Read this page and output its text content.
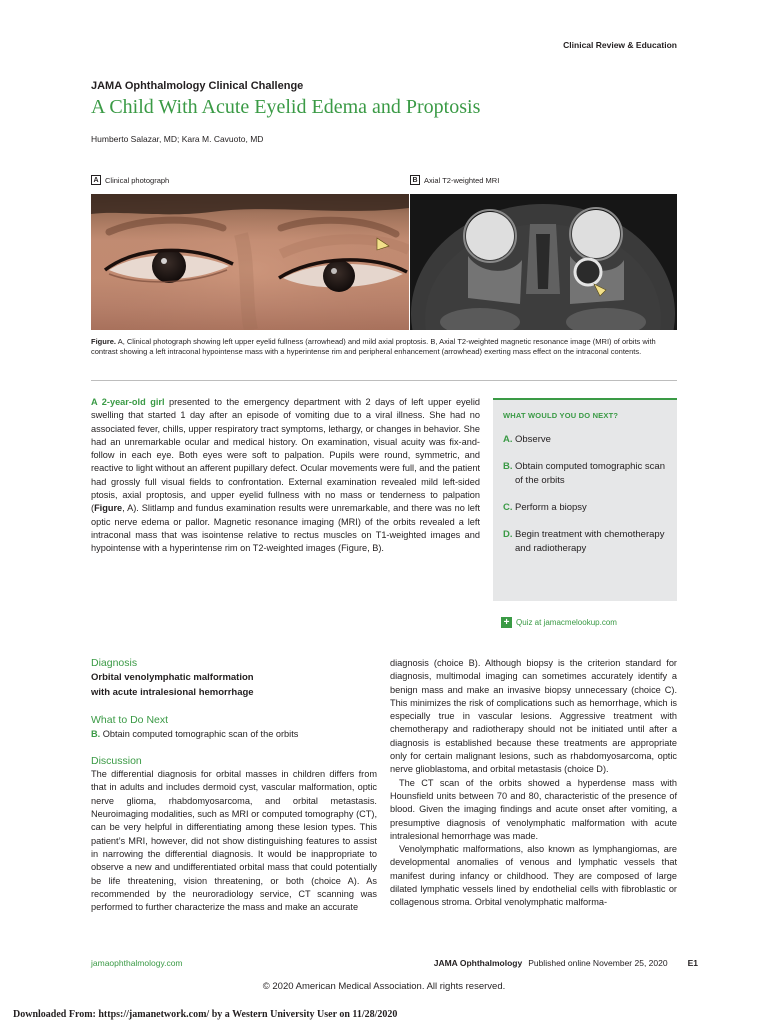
Clinical Review & Education
JAMA Ophthalmology Clinical Challenge
A Child With Acute Eyelid Edema and Proptosis
Humberto Salazar, MD; Kara M. Cavuoto, MD
A Clinical photograph	B Axial T2-weighted MRI

Figure. A, Clinical photograph showing left upper eyelid fullness (arrowhead) and mild axial proptosis. B, Axial T2-weighted magnetic resonance image (MRI) of orbits with contrast showing a left intraconal hypointense mass with a hyperintense rim and peripheral enhancement (arrowhead) exerting mass effect on the intraconal contents.

A 2-year-old girl presented to the emergency department with 2 days of left upper eyelid swelling that started 1 day after an episode of vomiting due to a viral illness. She had no associated fever, chills, upper respiratory tract symptoms, lethargy, or changes in behavior. She had an unremarkable ocular and medical history. On examination, visual acuity was fix-and-follow in each eye. Both eyes were soft to palpation. Pupils were round, symmetric, and reactive to light without an afferent pupillary defect. Ocular movements were full, and the patient had grossly full visual fields to confrontation. External examination revealed mild left-sided ptosis, axial proptosis, and upper eyelid fullness with no mass or tenderness to palpation (Figure, A). Slitlamp and fundus examination results were unremarkable, and there was no left optic nerve edema or pallor. Magnetic resonance imaging (MRI) of the orbits revealed a left intraconal mass that was isointense relative to rectus muscles on T1-weighted images and hypointense with a hyperintense rim on T2-weighted images (Figure, B).

WHAT WOULD YOU DO NEXT?
A. Observe
B. Obtain computed tomographic scan of the orbits
C. Perform a biopsy
D. Begin treatment with chemotherapy and radiotherapy
+ Quiz at jamacmelookup.com
Diagnosis
Orbital venolymphatic malformation
with acute intralesional hemorrhage
What to Do Next
B. Obtain computed tomographic scan of the orbits
Discussion

The differential diagnosis for orbital masses in children differs from that in adults and includes dermoid cyst, vascular malformation, optic nerve glioma, rhabdomyosarcoma, and orbital metastasis. Neuroimaging modalities, such as MRI or computed tomography (CT), can be very helpful in differentiating among these lesion types. This patient’s MRI, however, did not show distinguishing features to assist in narrowing the differential diagnosis. It would be inappropriate to observe a new and undifferentiated orbital mass that could potentially be life threatening, vision threatening, or both (choice A). As recommended by the neuroradiology service, CT scanning was performed to further characterize the mass and make an accurate

diagnosis (choice B). Although biopsy is the criterion standard for diagnosis, multimodal imaging can sometimes accurately identify a benign mass and make an invasive biopsy unnecessary (choice C). This minimizes the risk of complications such as hemorrhage, which is especially true in vascular lesions. Aggressive treatment with chemotherapy and radiotherapy should not be initiated until after a diagnosis is established because these treatments are appropriate only for certain malignant lesions, such as rhabdomyosarcoma, optic nerve glioblastoma, and orbital metastasis (choice D).

The CT scan of the orbits showed a hyperdense mass with Hounsfield units between 70 and 80, characteristic of the presence of blood. Given the imaging findings and acute onset after vomiting, a presumptive diagnosis of venolymphatic malformation with acute intralesional hemorrhage was made.

Venolymphatic malformations, also known as lymphangiomas, are developmental anomalies of venous and lymphatic vessels that manifest during infancy or childhood. They are composed of large dilated lymphatic vessels lined by endothelial cells with fibroblastic or collagenous stroma. Orbital venolymphatic malforma-

jamaophthalmology.com	JAMA Ophthalmology Published online November 25, 2020 E1
© 2020 American Medical Association. All rights reserved.
Downloaded From: https://jamanetwork.com/ by a Western University User on 11/28/2020
